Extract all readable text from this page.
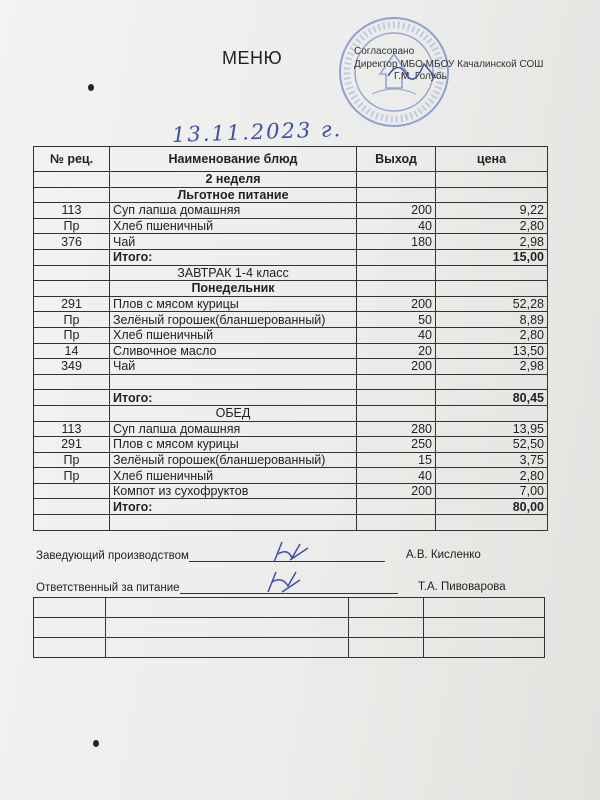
МЕНЮ	Согласовано
Директор МБО МБОУ Качалинской СОШ
Г.М. Голубь
13.11.2023 г.
№ рец.	Наименование блюд	Выход	цена
	2 неделя		
	Льготное питание		
113	Суп лапша домашняя	200	9,22
Пр	Хлеб пшеничный	40	2,80
376	Чай	180	2,98
	Итого:		15,00
	ЗАВТРАК 1-4 класс		
	Понедельник		
291	Плов с мясом курицы	200	52,28
Пр	Зелёный горошек(бланшерованный)	50	8,89
Пр	Хлеб пшеничный	40	2,80
14	Сливочное масло	20	13,50
349	Чай	200	2,98

	Итого:		80,45
	ОБЕД		
113	Суп лапша домашняя	280	13,95
291	Плов с мясом курицы	250	52,50
Пр	Зелёный горошек(бланшерованный)	15	3,75
Пр	Хлеб пшеничный	40	2,80
	Компот из сухофруктов	200	7,00
	Итого:		80,00

Заведующий производством	А.В. Кисленко
Ответственный за питание	Т.А. Пивоварова
